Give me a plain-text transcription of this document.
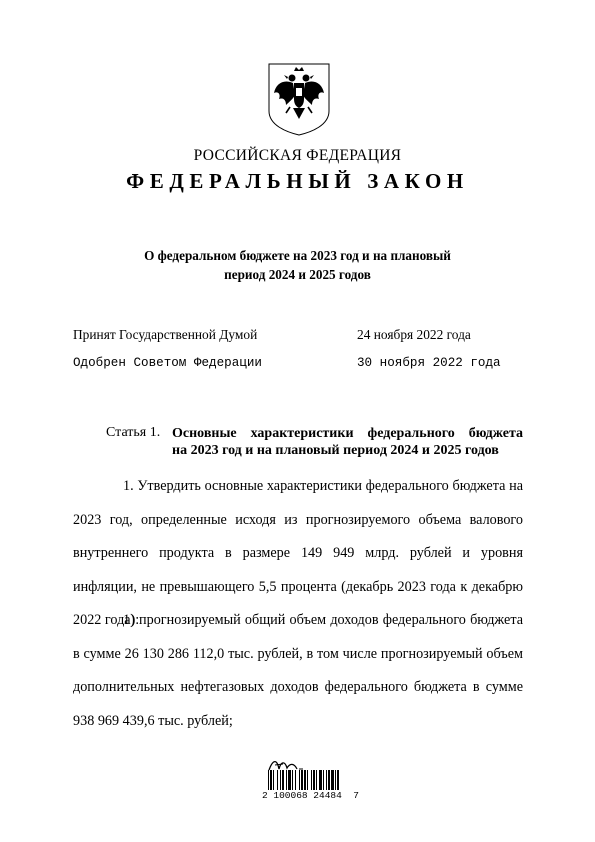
РОССИЙСКАЯ ФЕДЕРАЦИЯ
ФЕДЕРАЛЬНЫЙ ЗАКОН
О федеральном бюджете на 2023 год и на плановый
период 2024 и 2025 годов
Принят Государственной Думой	24 ноября 2022 года
Одобрен Советом Федерации	30 ноября 2022 года
Статья 1. Основные характеристики федерального бюджета
на 2023 год и на плановый период 2024 и 2025 годов
1. Утвердить основные характеристики федерального бюджета на 2023 год, определенные исходя из прогнозируемого объема валового внутреннего продукта в размере 149 949 млрд. рублей и уровня инфляции, не превышающего 5,5 процента (декабрь 2023 года к декабрю 2022 года):
1) прогнозируемый общий объем доходов федерального бюджета в сумме 26 130 286 112,0 тыс. рублей, в том числе прогнозируемый объем дополнительных нефтегазовых доходов федерального бюджета в сумме 938 969 439,6 тыс. рублей;
2 100068 24484  7
